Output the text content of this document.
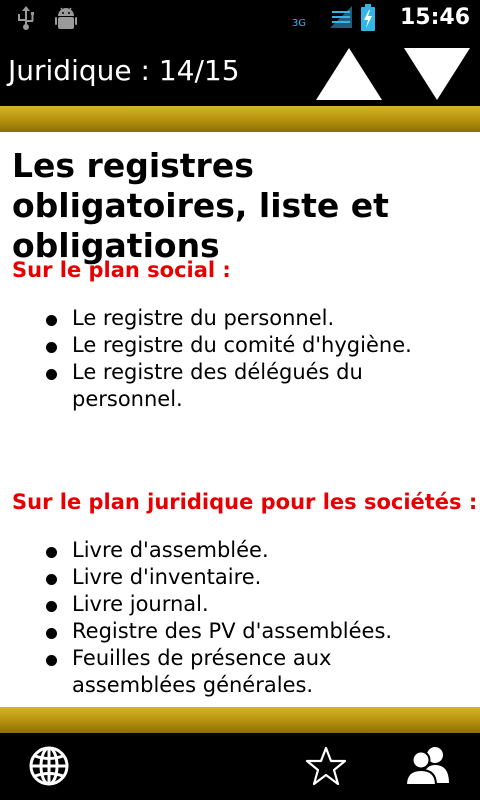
3G	15:46
Juridique : 14/15
Les registres obligatoires, liste et obligations
Sur le plan social :
Le registre du personnel.
Le registre du comité d'hygiène.
Le registre des délégués du personnel.
Sur le plan juridique pour les sociétés :
Livre d'assemblée.
Livre d'inventaire.
Livre journal.
Registre des PV d'assemblées.
Feuilles de présence aux assemblées générales.
